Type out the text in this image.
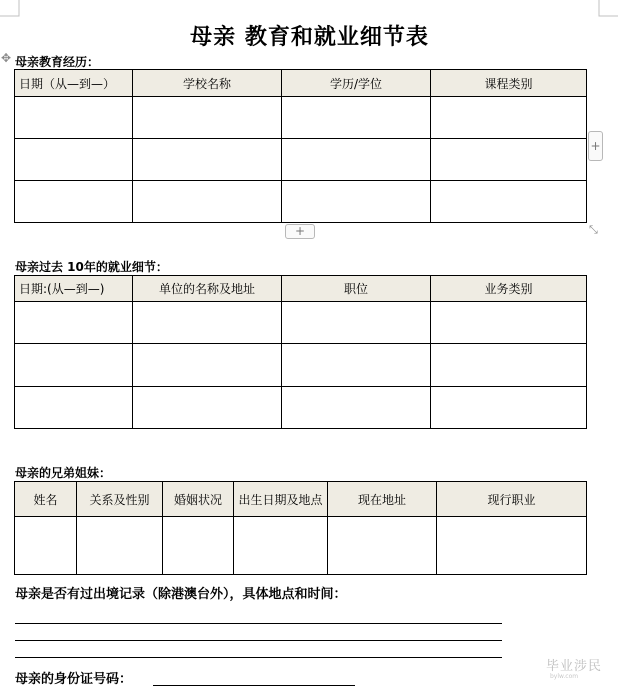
母亲 教育和就业细节表
✥ 母亲教育经历：
日期（从—到—）	学校名称	学历/学位	课程类别

+
+	⤡
母亲过去 10年的就业细节：
日期:(从—到—)	单位的名称及地址	职位	业务类别

母亲的兄弟姐妹：
姓名	关系及性别	婚姻状况	出生日期及地点	现在地址	现行职业

母亲是否有过出境记录（除港澳台外），具体地点和时间：
母亲的身份证号码：
毕业涉民
bylw.com
